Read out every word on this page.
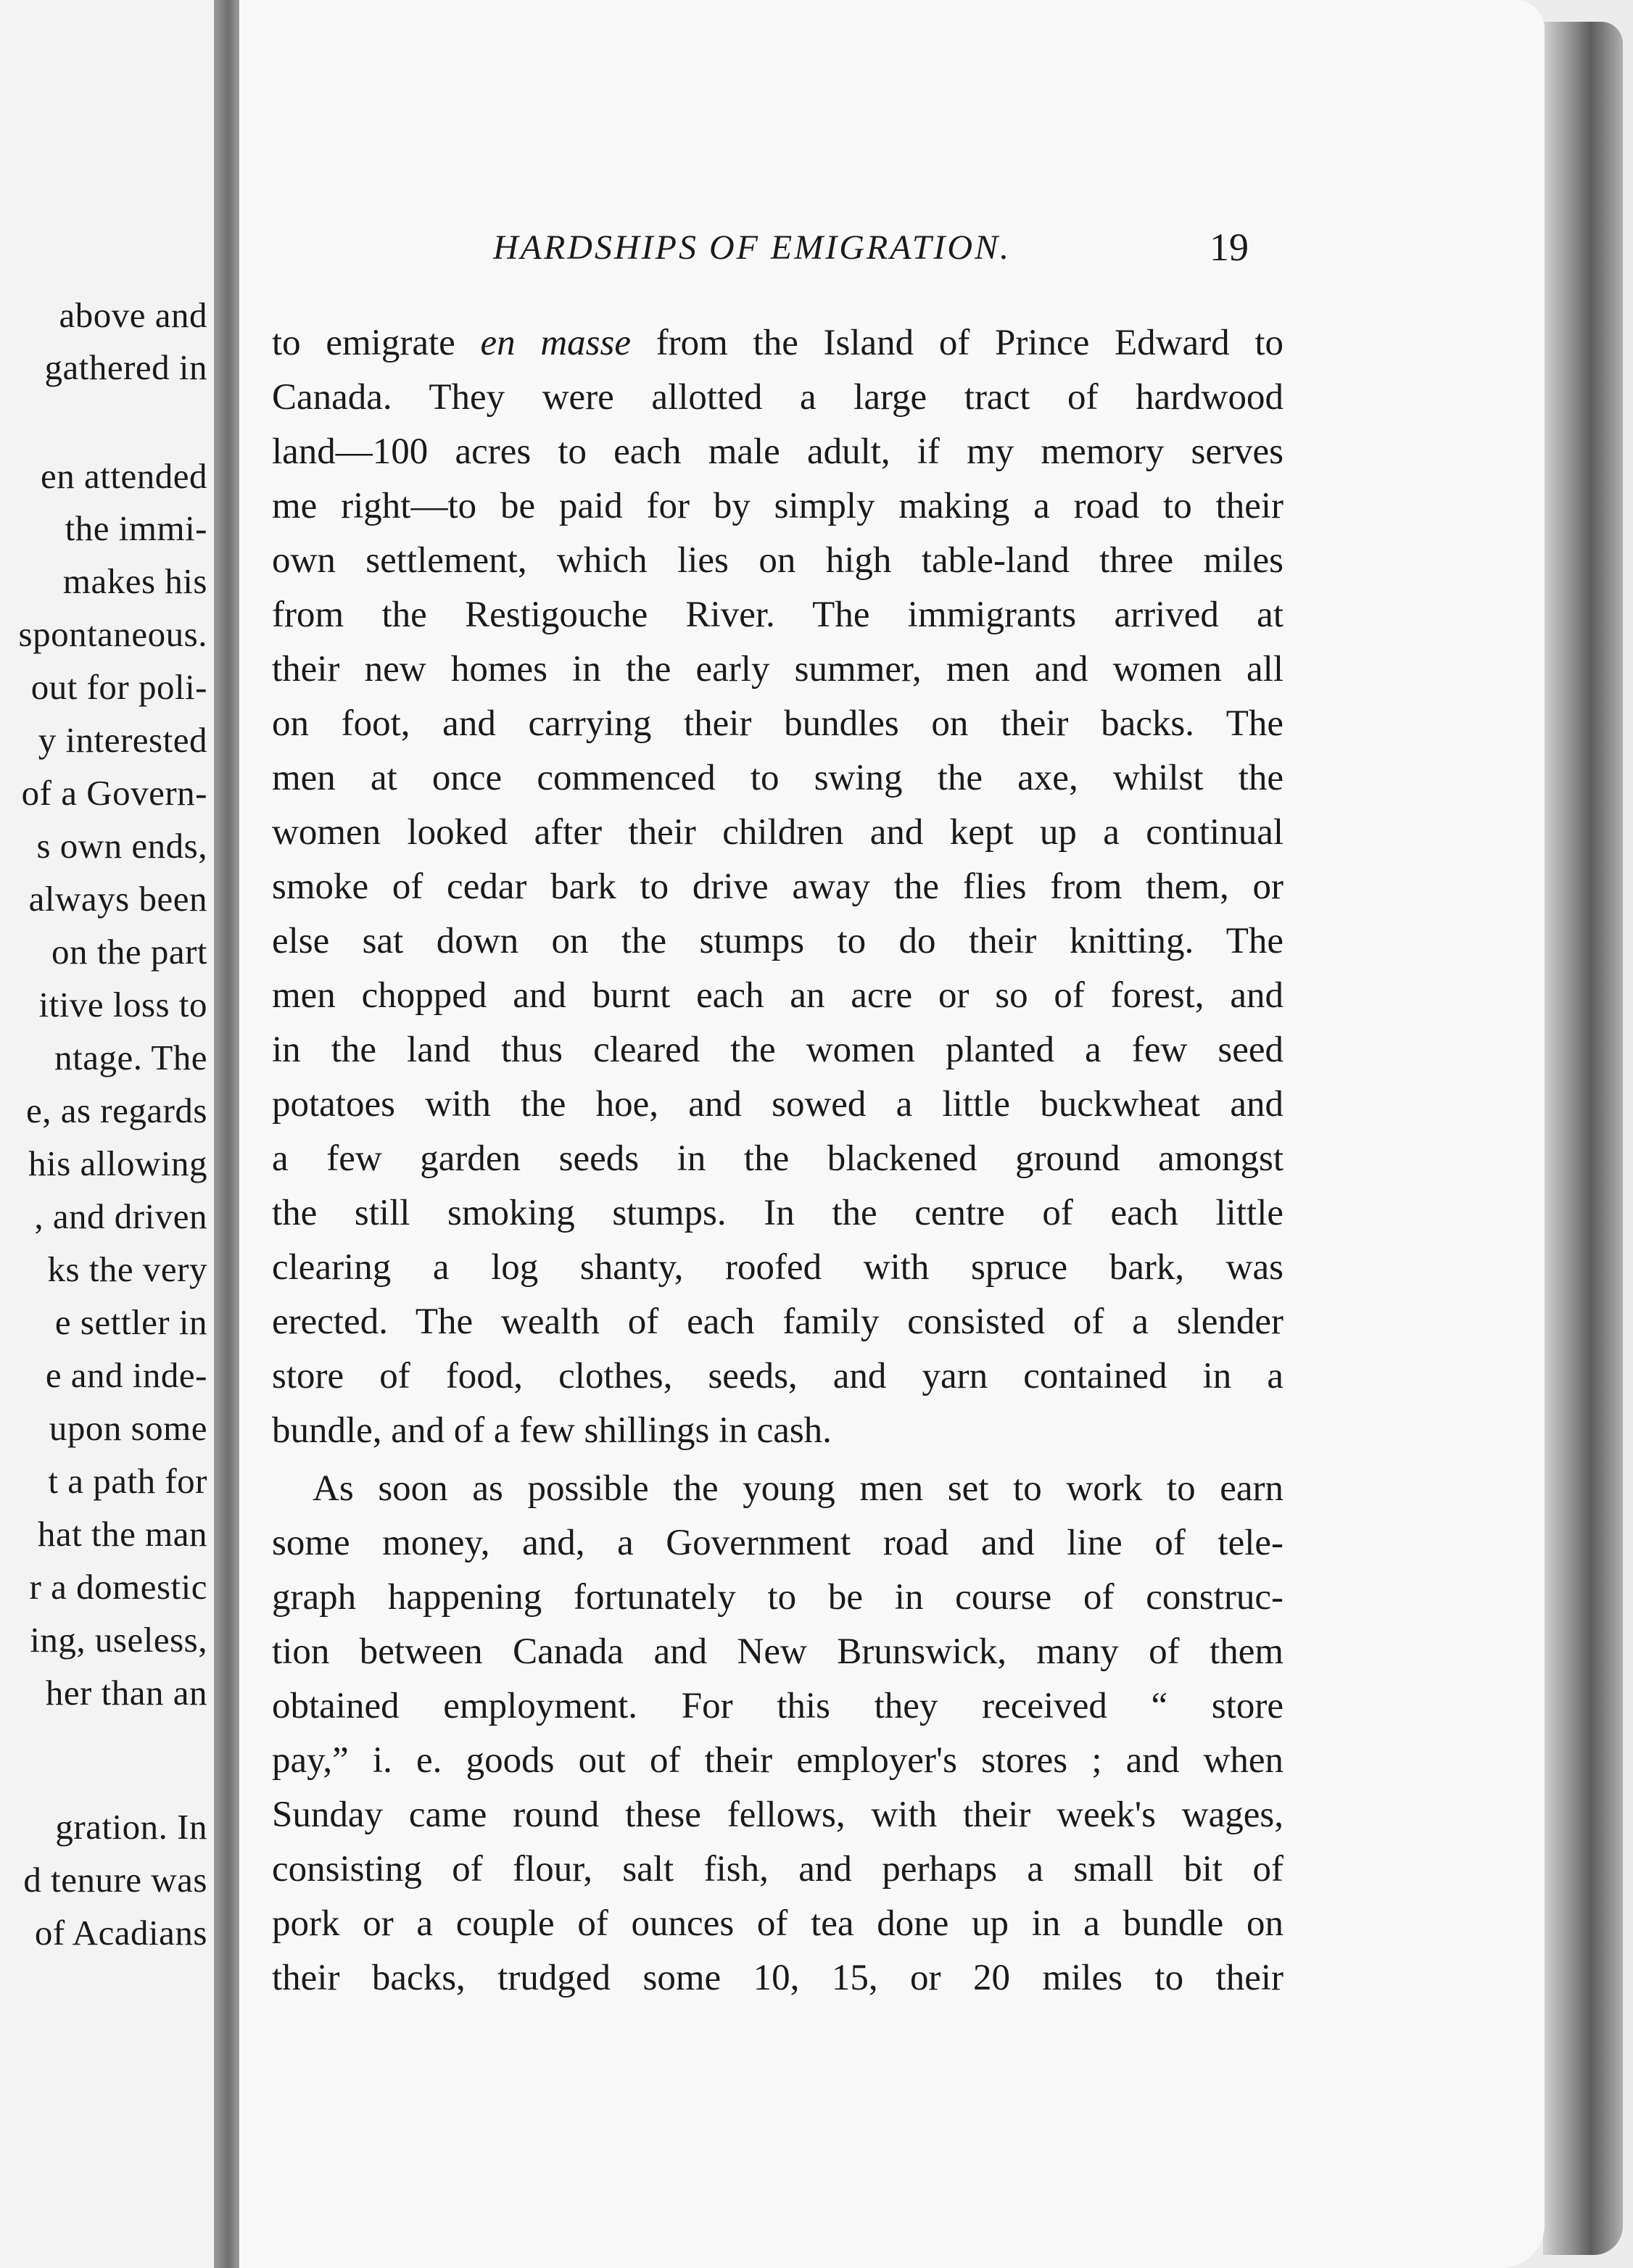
above and
gathered in
en attended
the immi-
makes his
spontaneous.
out for poli-
y interested
of a Govern-
s own ends,
always been
on the part
itive loss to
ntage. The
e, as regards
his allowing
, and driven
ks the very
e settler in
e and inde-
upon some
t a path for
hat the man
r a domestic
ing, useless,
her than an
gration. In
d tenure was
of Acadians
HARDSHIPS OF EMIGRATION.	19
to emigrate en masse from the Island of Prince Edward to
Canada. They were allotted a large tract of hardwood
land—100 acres to each male adult, if my memory serves
me right—to be paid for by simply making a road to their
own settlement, which lies on high table-land three miles
from the Restigouche River. The immigrants arrived at
their new homes in the early summer, men and women all
on foot, and carrying their bundles on their backs. The
men at once commenced to swing the axe, whilst the
women looked after their children and kept up a continual
smoke of cedar bark to drive away the flies from them, or
else sat down on the stumps to do their knitting. The
men chopped and burnt each an acre or so of forest, and
in the land thus cleared the women planted a few seed
potatoes with the hoe, and sowed a little buckwheat and
a few garden seeds in the blackened ground amongst
the still smoking stumps. In the centre of each little
clearing a log shanty, roofed with spruce bark, was
erected. The wealth of each family consisted of a slender
store of food, clothes, seeds, and yarn contained in a
bundle, and of a few shillings in cash.
As soon as possible the young men set to work to earn
some money, and, a Government road and line of tele-
graph happening fortunately to be in course of construc-
tion between Canada and New Brunswick, many of them
obtained employment. For this they received “ store
pay,” i. e. goods out of their employer's stores ; and when
Sunday came round these fellows, with their week's wages,
consisting of flour, salt fish, and perhaps a small bit of
pork or a couple of ounces of tea done up in a bundle on
their backs, trudged some 10, 15, or 20 miles to their
